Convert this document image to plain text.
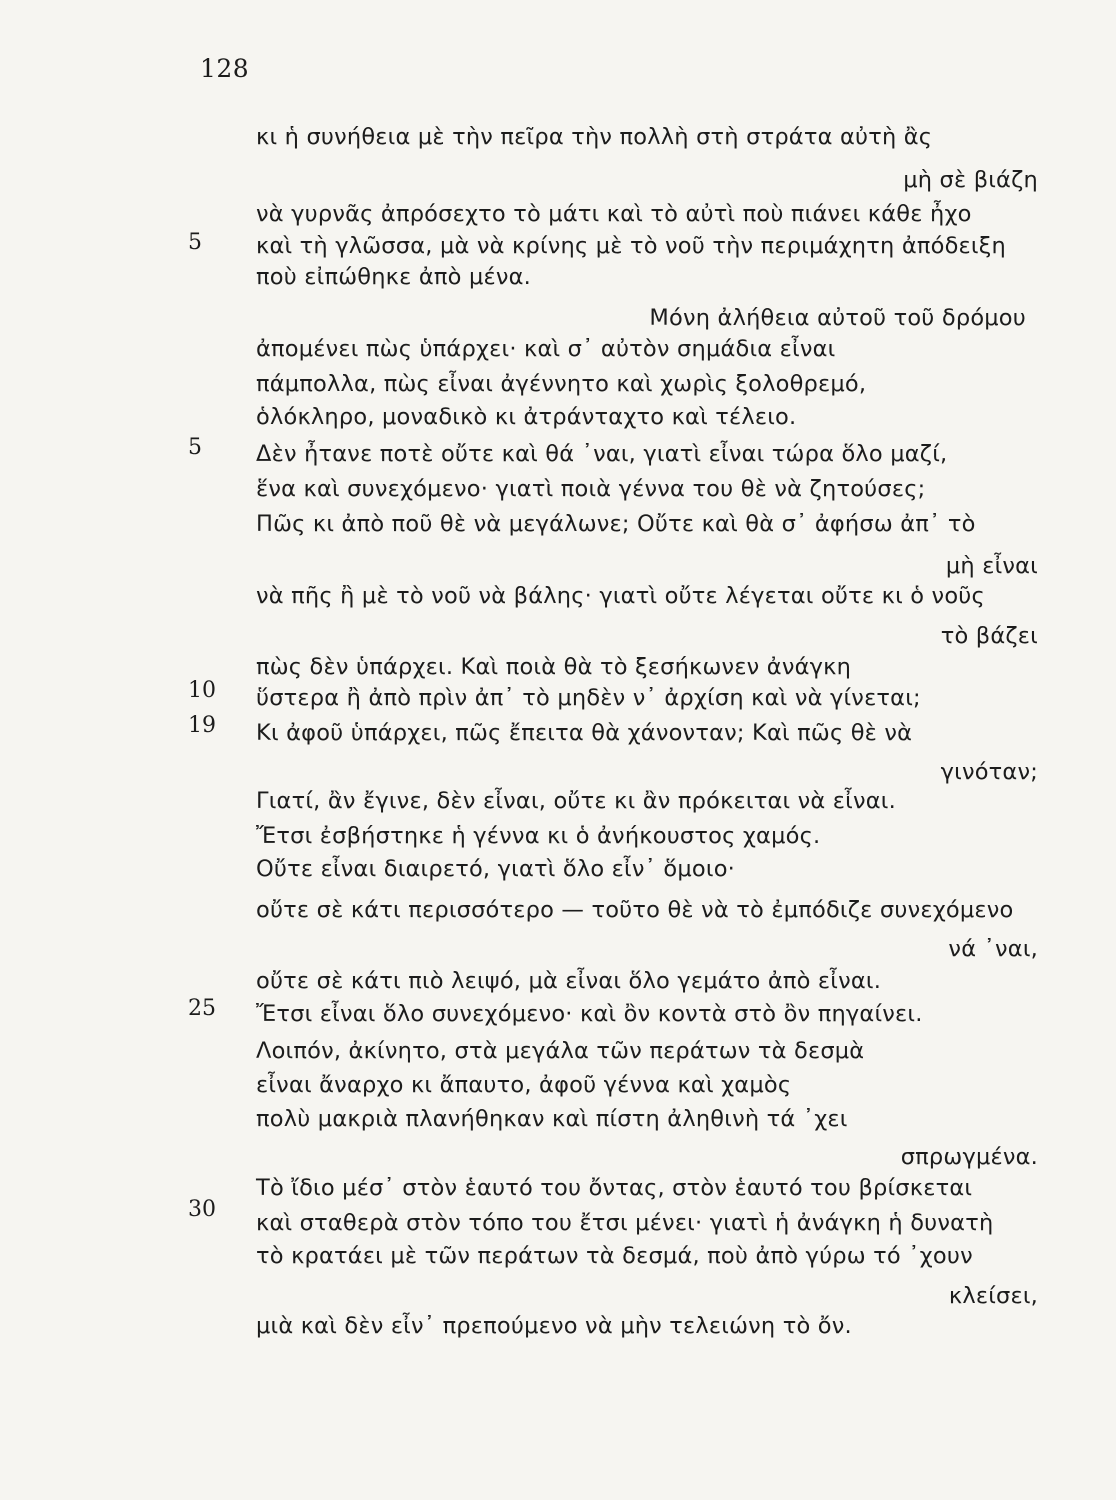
128
κι ἡ συνήθεια μὲ τὴν πεῖρα τὴν πολλὴ στὴ στράτα αὐτὴ ἂς
μὴ σὲ βιάζη
νὰ γυρνᾶς ἀπρόσεχτο τὸ μάτι καὶ τὸ αὐτὶ ποὺ πιάνει κάθε ἦχο
5 καὶ τὴ γλῶσσα, μὰ νὰ κρίνης μὲ τὸ νοῦ τὴν περιμάχητη ἀπόδειξη
ποὺ εἰπώθηκε ἀπὸ μένα.
Μόνη ἀλήθεια αὐτοῦ τοῦ δρόμου
ἀπομένει πὼς ὑπάρχει· καὶ σ᾽ αὐτὸν σημάδια εἶναι
πάμπολλα, πὼς εἶναι ἀγέννητο καὶ χωρὶς ξολοθρεμό,
ὁλόκληρο, μοναδικὸ κι ἀτράνταχτο καὶ τέλειο.
5 Δὲν ἦτανε ποτὲ οὔτε καὶ θά ᾽ναι, γιατὶ εἶναι τώρα ὅλο μαζί,
ἕνα καὶ συνεχόμενο· γιατὶ ποιὰ γέννα του θὲ νὰ ζητούσες;
Πῶς κι ἀπὸ ποῦ θὲ νὰ μεγάλωνε; Οὔτε καὶ θὰ σ᾽ ἀφήσω ἀπ᾽ τὸ
μὴ εἶναι
νὰ πῆς ἢ μὲ τὸ νοῦ νὰ βάλης· γιατὶ οὔτε λέγεται οὔτε κι ὁ νοῦς
τὸ βάζει
πὼς δὲν ὑπάρχει. Καὶ ποιὰ θὰ τὸ ξεσήκωνεν ἀνάγκη
10 ὕστερα ἢ ἀπὸ πρὶν ἀπ᾽ τὸ μηδὲν ν᾽ ἀρχίση καὶ νὰ γίνεται;
19 Κι ἀφοῦ ὑπάρχει, πῶς ἔπειτα θὰ χάνονταν; Καὶ πῶς θὲ νὰ
γινόταν;
Γιατί, ἂν ἔγινε, δὲν εἶναι, οὔτε κι ἂν πρόκειται νὰ εἶναι.
Ἔτσι ἐσβήστηκε ἡ γέννα κι ὁ ἀνήκουστος χαμός.
Οὔτε εἶναι διαιρετό, γιατὶ ὅλο εἶν᾽ ὅμοιο·
οὔτε σὲ κάτι περισσότερο — τοῦτο θὲ νὰ τὸ ἐμπόδιζε συνεχόμενο
νά ᾽ναι,
οὔτε σὲ κάτι πιὸ λειψό, μὰ εἶναι ὅλο γεμάτο ἀπὸ εἶναι.
25 Ἔτσι εἶναι ὅλο συνεχόμενο· καὶ ὂν κοντὰ στὸ ὂν πηγαίνει.
Λοιπόν, ἀκίνητο, στὰ μεγάλα τῶν περάτων τὰ δεσμὰ
εἶναι ἄναρχο κι ἄπαυτο, ἀφοῦ γέννα καὶ χαμὸς
πολὺ μακριὰ πλανήθηκαν καὶ πίστη ἀληθινὴ τά ᾽χει
σπρωγμένα.
Τὸ ἴδιο μέσ᾽ στὸν ἑαυτό του ὄντας, στὸν ἑαυτό του βρίσκεται
30
καὶ σταθερὰ στὸν τόπο του ἔτσι μένει· γιατὶ ἡ ἀνάγκη ἡ δυνατὴ
τὸ κρατάει μὲ τῶν περάτων τὰ δεσμά, ποὺ ἀπὸ γύρω τό ᾽χουν
κλείσει,
μιὰ καὶ δὲν εἶν᾽ πρεπούμενο νὰ μὴν τελειώνη τὸ ὄν.
